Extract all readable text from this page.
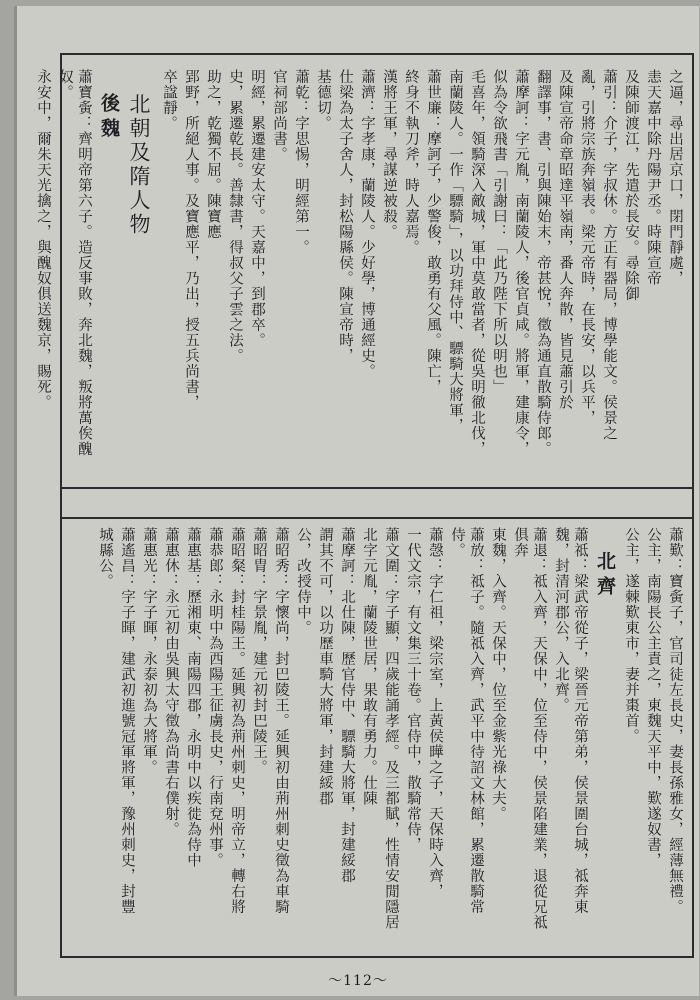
之逼，尋出居京口，閉門靜處，
恚天嘉中除丹陽尹丞。時陳宣帝
及陳師渡江，先遣於長安。尋除御
蕭引：介子，字叔休。方正有器局，博學能文。侯景之
亂，引將宗族奔嶺表。梁元帝時，在長安，以兵平，
及陳宣帝命章昭達平嶺南，番人奔散，皆見蕭引於
翻譯事，書、引與陳始末，帝甚悅，徵為通直散騎侍郎。
蕭摩訶：字元胤，南蘭陵人，後官貞咸。將軍，建康令，
似為令欲飛書「引謝曰：「此乃陛下所以明也」
毛喜年，領騎深入敵城，軍中莫敢當者，從吳明徹北伐，
南蘭陵人。一作「驃騎」，以功拜侍中、驃騎大將軍，
蕭世廉：摩訶子，少警俊，敢勇有父風。陳亡，
終身不執刀斧，時人嘉焉。
漢將王軍，尋謀逆被殺。
蕭濟：字孝康，蘭陵人。少好學，博通經史。
仕梁為太子舍人，封松陽縣侯。陳宣帝時，
基德切。
蕭乾：字思惕，明經第一。
官祠部尚書。
明經，累遷建安太守。天嘉中，到郡卒。
史，累遷乾長。善隸書，得叔父子雲之法。
助之，乾獨不屈。陳寶應
郢野，所絕人事。及寶應平，乃出，授五兵尚書，
卒諡靜。
北朝及隋人物
後魏
蕭寶夤：齊明帝第六子。造反事敗，奔北魏，叛將萬俟醜奴。
永安中，爾朱天光擒之，與醜奴俱送魏京，賜死。
蕭歎：寶夤子，官司徒左長史，妻長孫雅女，經薄無禮。
公主，南陽長公主責之，東魏天平中，歎遂奴書，
公主，遂棘歎東市，妻并棗首。
北齊
蕭祗：梁武帝從子，梁晉元帝第弟，侯景圍台城，祗奔東魏，封清河郡公，入北齊。
蕭退：祗入齊，天保中，位至侍中，侯景陷建業，退從兄祗俱奔
東魏，入齊。天保中，位至金紫光祿大夫。
蕭放：祗子。隨祗入齊，武平中待詔文林館，累遷散騎常侍。
蕭愨：字仁祖，梁宗室，上黃侯曄之子，天保時入齊，
一代文宗，有文集三十卷。官侍中，散騎常侍，
蕭文圍：字子顯，四歲能誦孝經。及三都賦，性情安閒隱居
北字元胤，蘭陵世居，果敢有勇力。仕陳
蕭摩訶：北仕陳，歷官侍中、驃騎大將軍，封建綏郡
謂其不可，以功歷車騎大將軍，封建綏郡
公，改授侍中。
蕭昭秀：字懷尚，封巴陵王。延興初由荊州刺史徵為車騎
蕭昭胄：字景胤，建元初封巴陵王。
蕭昭粲：封桂陽王。延興初為荊州刺史，明帝立，轉右將
蕭恭郎：永明中為西陽王征虜長史，行南兗州事。
蕭惠基：歷湘東、南陽四郡，永明中以疾徙為侍中
蕭惠休：永元初由吳興太守徵為尚書右僕射。
蕭惠光：字子暉，永泰初為大將軍。
蕭遙昌：字子暉，建武初進號冠軍將軍，豫州刺史，封豐
城縣公。
～112～
